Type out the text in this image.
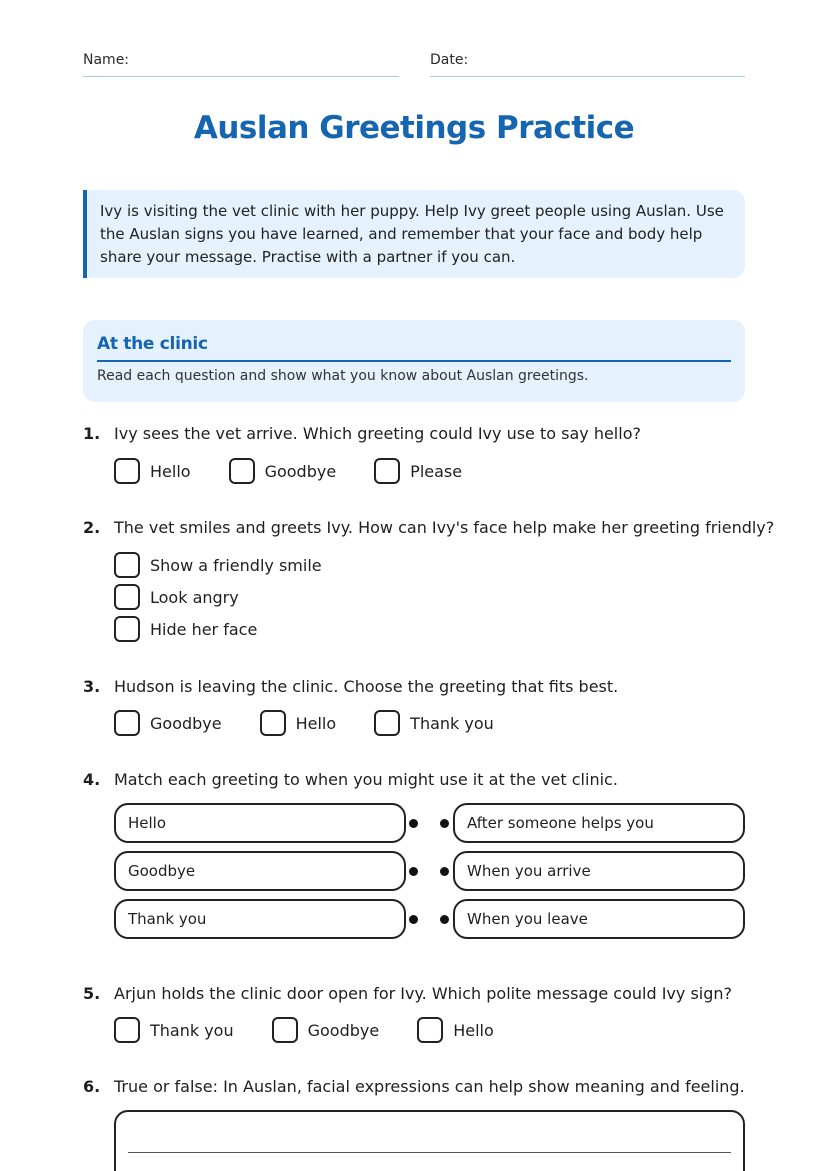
Name:	Date:
Auslan Greetings Practice
Ivy is visiting the vet clinic with her puppy. Help Ivy greet people using Auslan. Use the Auslan signs you have learned, and remember that your face and body help share your message. Practise with a partner if you can.
At the clinic
Read each question and show what you know about Auslan greetings.
1. Ivy sees the vet arrive. Which greeting could Ivy use to say hello?
Hello	Goodbye	Please
2. The vet smiles and greets Ivy. How can Ivy's face help make her greeting friendly?
Show a friendly smile
Look angry
Hide her face
3. Hudson is leaving the clinic. Choose the greeting that fits best.
Goodbye	Hello	Thank you
4. Match each greeting to when you might use it at the vet clinic.
Hello	After someone helps you
Goodbye	When you arrive
Thank you	When you leave
5. Arjun holds the clinic door open for Ivy. Which polite message could Ivy sign?
Thank you	Goodbye	Hello
6. True or false: In Auslan, facial expressions can help show meaning and feeling.
